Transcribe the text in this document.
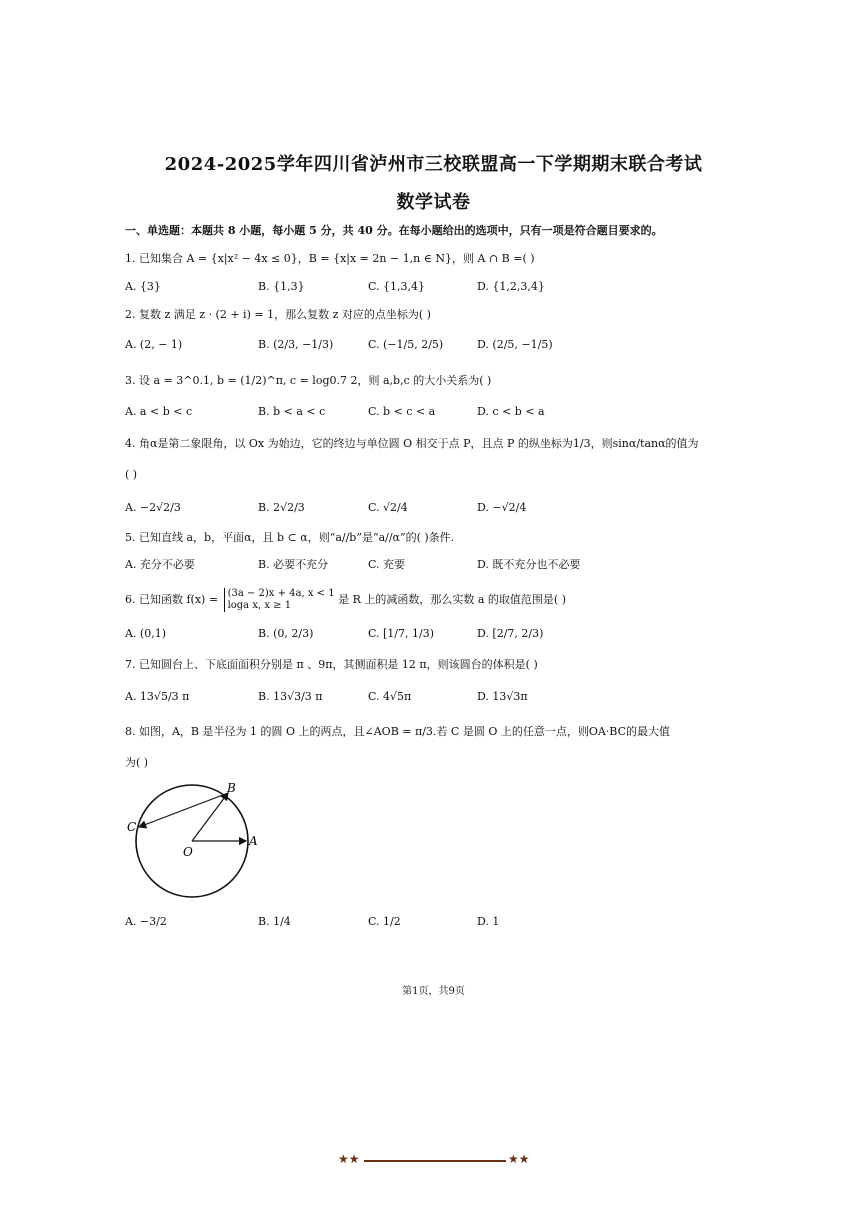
2024-2025学年四川省泸州市三校联盟高一下学期期末联合考试
数学试卷
一、单选题：本题共 8 小题，每小题 5 分，共 40 分。在每小题给出的选项中，只有一项是符合题目要求的。
1. 已知集合 A = {x|x² − 4x ≤ 0}，B = {x|x = 2n − 1,n ∈ N}，则 A ∩ B =( )
A. {3}	B. {1,3}	C. {1,3,4}	D. {1,2,3,4}
2. 复数 z 满足 z · (2 + i) = 1，那么复数 z 对应的点坐标为( )
A. (2, − 1)	B. (2/3, −1/3)	C. (−1/5, 2/5)	D. (2/5, −1/5)
3. 设 a = 3^0.1, b = (1/2)^π, c = log0.7 2，则 a,b,c 的大小关系为( )
A. a < b < c	B. b < a < c	C. b < c < a	D. c < b < a
4. 角α是第二象限角，以 Ox 为始边，它的终边与单位圆 O 相交于点 P，且点 P 的纵坐标为1/3，则sinα/tanα的值为
( )
A. −2√2/3	B. 2√2/3	C. √2/4	D. −√2/4
5. 已知直线 a，b，平面α，且 b ⊂ α，则“a//b”是“a//α”的( )条件.
A. 充分不必要	B. 必要不充分	C. 充要	D. 既不充分也不必要
6. 已知函数 f(x) = (3a − 2)x + 4a, x < 1
loga x, x ≥ 1	是 R 上的减函数，那么实数 a 的取值范围是( )
A. (0,1)	B. (0, 2/3)	C. [1/7, 1/3)	D. [2/7, 2/3)
7. 已知圆台上、下底面面积分别是 π 、9π，其侧面积是 12 π，则该圆台的体积是( )
A. 13√5/3 π	B. 13√3/3 π	C. 4√5π	D. 13√3π
8. 如图，A，B 是半径为 1 的圆 O 上的两点，且∠AOB = π/3.若 C 是圆 O 上的任意一点，则OA·BC的最大值
为( )
B
C
O
A
A. −3/2	B. 1/4	C. 1/2	D. 1
第1页，共9页
★★	★★
